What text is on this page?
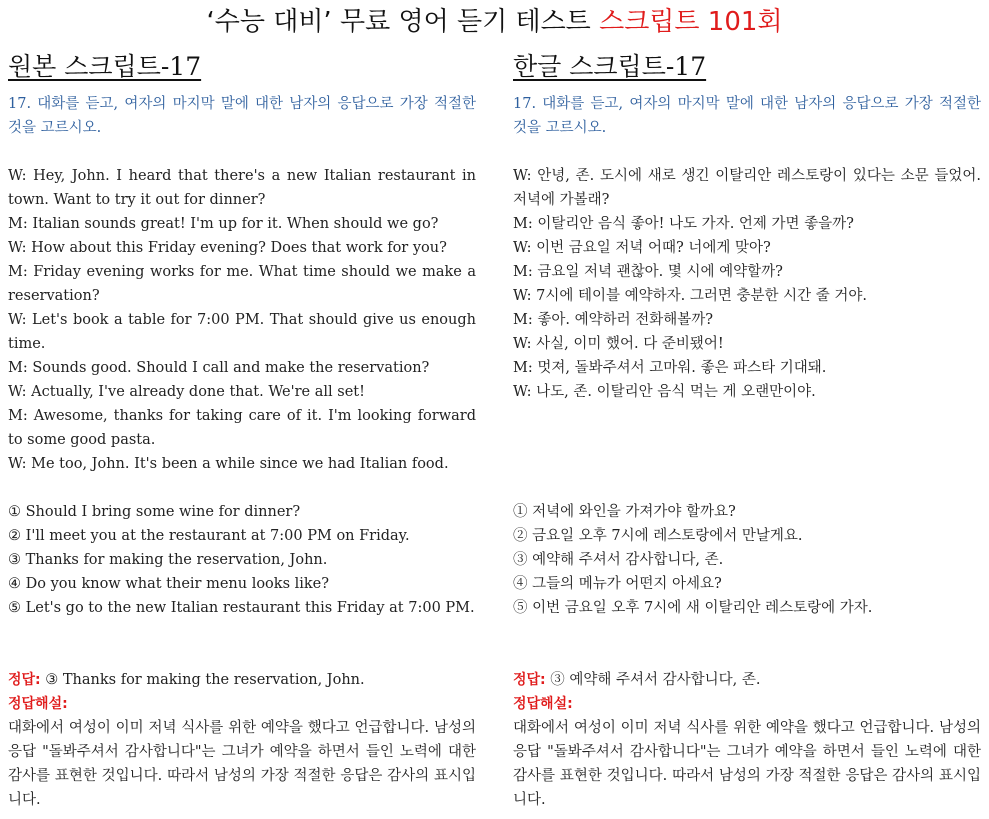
‘수능 대비’ 무료 영어 듣기 테스트 스크립트 101회
원본 스크립트-17
17. 대화를 듣고, 여자의 마지막 말에 대한 남자의 응답으로 가장 적절한 것을 고르시오.
W: Hey, John. I heard that there's a new Italian restaurant in town. Want to try it out for dinner?
M: Italian sounds great! I'm up for it. When should we go?
W: How about this Friday evening? Does that work for you?
M: Friday evening works for me. What time should we make a reservation?
W: Let's book a table for 7:00 PM. That should give us enough time.
M: Sounds good. Should I call and make the reservation?
W: Actually, I've already done that. We're all set!
M: Awesome, thanks for taking care of it. I'm looking forward to some good pasta.
W: Me too, John. It's been a while since we had Italian food.
① Should I bring some wine for dinner?
② I'll meet you at the restaurant at 7:00 PM on Friday.
③ Thanks for making the reservation, John.
④ Do you know what their menu looks like?
⑤ Let's go to the new Italian restaurant this Friday at 7:00 PM.
정답: ③ Thanks for making the reservation, John.
정답해설:
대화에서 여성이 이미 저녁 식사를 위한 예약을 했다고 언급합니다. 남성의 응답 "돌봐주셔서 감사합니다"는 그녀가 예약을 하면서 들인 노력에 대한 감사를 표현한 것입니다. 따라서 남성의 가장 적절한 응답은 감사의 표시입니다.
한글 스크립트-17
17. 대화를 듣고, 여자의 마지막 말에 대한 남자의 응답으로 가장 적절한 것을 고르시오.
W: 안녕, 존. 도시에 새로 생긴 이탈리안 레스토랑이 있다는 소문 들었어. 저녁에 가볼래?
M: 이탈리안 음식 좋아! 나도 가자. 언제 가면 좋을까?
W: 이번 금요일 저녁 어때? 너에게 맞아?
M: 금요일 저녁 괜찮아. 몇 시에 예약할까?
W: 7시에 테이블 예약하자. 그러면 충분한 시간 줄 거야.
M: 좋아. 예약하러 전화해볼까?
W: 사실, 이미 했어. 다 준비됐어!
M: 멋져, 돌봐주셔서 고마워. 좋은 파스타 기대돼.
W: 나도, 존. 이탈리안 음식 먹는 게 오랜만이야.
① 저녁에 와인을 가져가야 할까요?
② 금요일 오후 7시에 레스토랑에서 만날게요.
③ 예약해 주셔서 감사합니다, 존.
④ 그들의 메뉴가 어떤지 아세요?
⑤ 이번 금요일 오후 7시에 새 이탈리안 레스토랑에 가자.
정답: ③ 예약해 주셔서 감사합니다, 존.
정답해설:
대화에서 여성이 이미 저녁 식사를 위한 예약을 했다고 언급합니다. 남성의 응답 "돌봐주셔서 감사합니다"는 그녀가 예약을 하면서 들인 노력에 대한 감사를 표현한 것입니다. 따라서 남성의 가장 적절한 응답은 감사의 표시입니다.
